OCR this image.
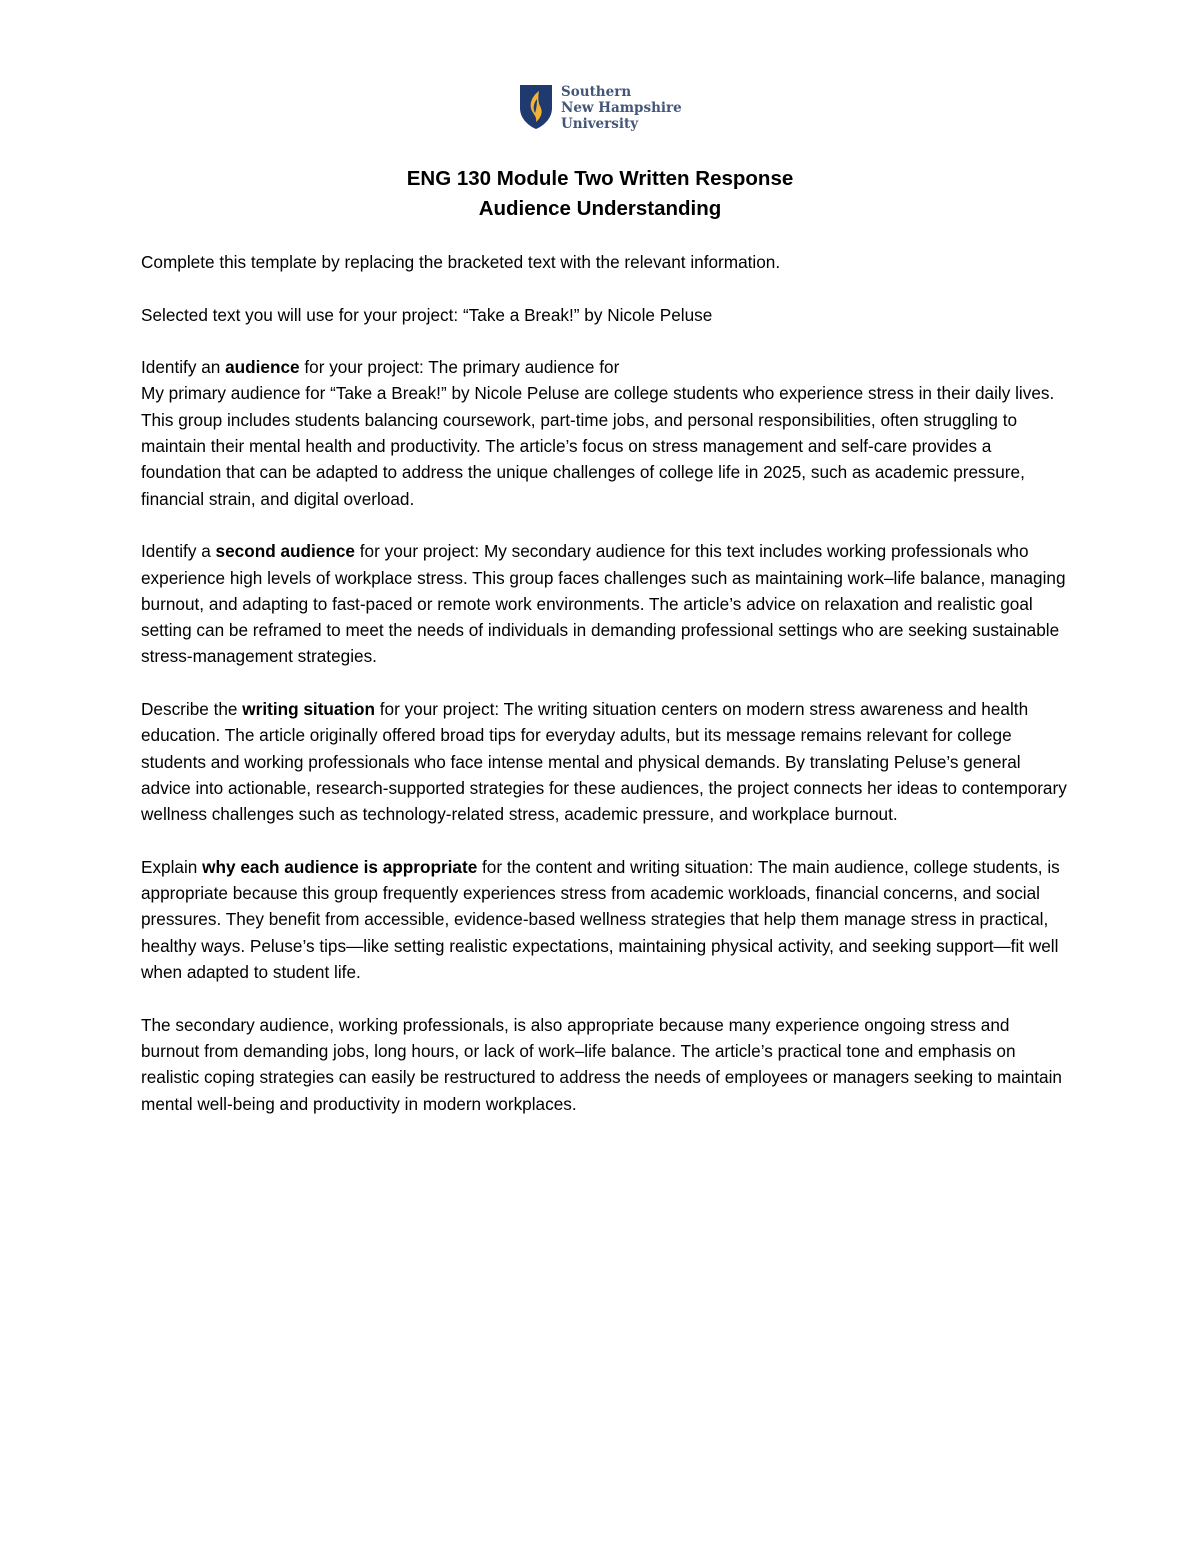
Southern
New Hampshire
University
ENG 130 Module Two Written Response
Audience Understanding

Complete this template by replacing the bracketed text with the relevant information.

Selected text you will use for your project: “Take a Break!” by Nicole Peluse

Identify an audience for your project: The primary audience for
My primary audience for “Take a Break!” by Nicole Peluse are college students who experience stress in their daily lives. This group includes students balancing coursework, part-time jobs, and personal responsibilities, often struggling to maintain their mental health and productivity. The article’s focus on stress management and self-care provides a foundation that can be adapted to address the unique challenges of college life in 2025, such as academic pressure, financial strain, and digital overload.

Identify a second audience for your project: My secondary audience for this text includes working professionals who experience high levels of workplace stress. This group faces challenges such as maintaining work–life balance, managing burnout, and adapting to fast-paced or remote work environments. The article’s advice on relaxation and realistic goal setting can be reframed to meet the needs of individuals in demanding professional settings who are seeking sustainable stress-management strategies.

Describe the writing situation for your project: The writing situation centers on modern stress awareness and health education. The article originally offered broad tips for everyday adults, but its message remains relevant for college students and working professionals who face intense mental and physical demands. By translating Peluse’s general advice into actionable, research-supported strategies for these audiences, the project connects her ideas to contemporary wellness challenges such as technology-related stress, academic pressure, and workplace burnout.

Explain why each audience is appropriate for the content and writing situation: The main audience, college students, is appropriate because this group frequently experiences stress from academic workloads, financial concerns, and social pressures. They benefit from accessible, evidence-based wellness strategies that help them manage stress in practical, healthy ways. Peluse’s tips—like setting realistic expectations, maintaining physical activity, and seeking support—fit well when adapted to student life.

The secondary audience, working professionals, is also appropriate because many experience ongoing stress and burnout from demanding jobs, long hours, or lack of work–life balance. The article’s practical tone and emphasis on realistic coping strategies can easily be restructured to address the needs of employees or managers seeking to maintain mental well-being and productivity in modern workplaces.
